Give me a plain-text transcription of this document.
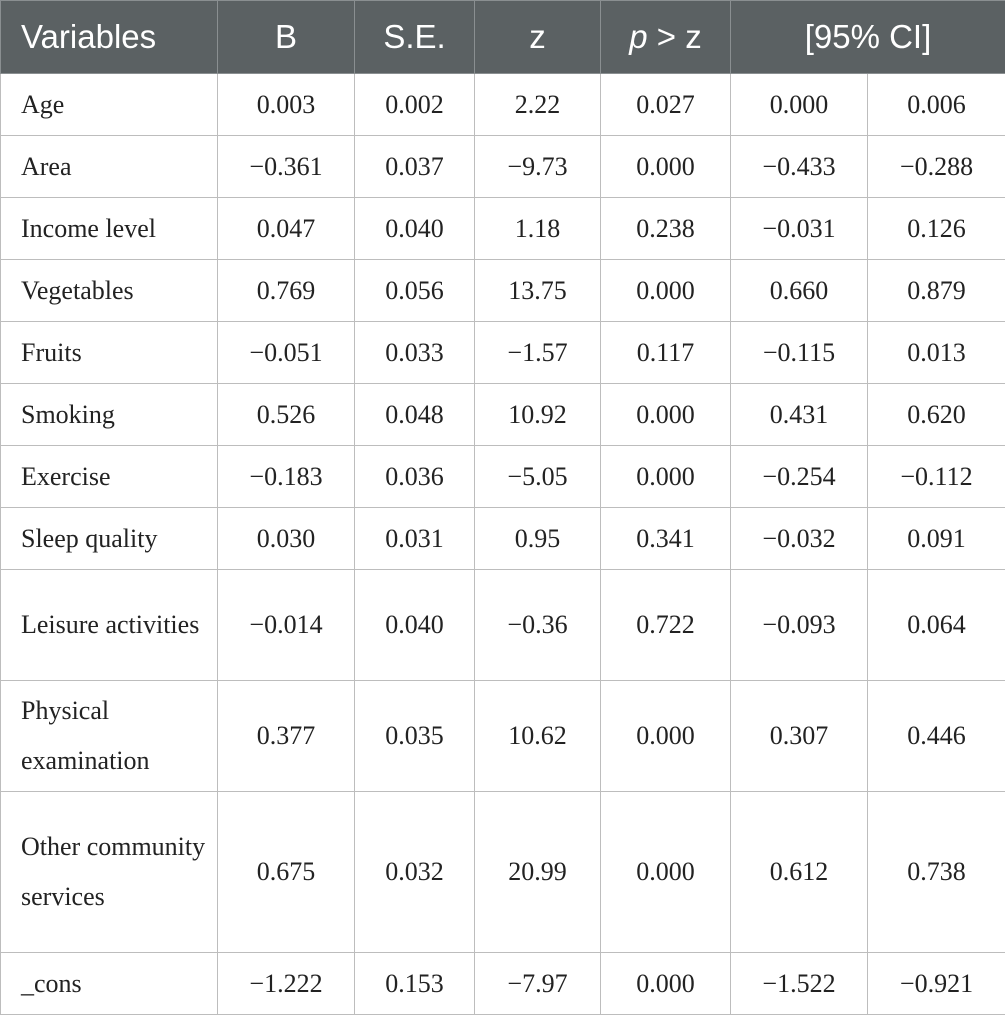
Variables	B	S.E.	z	p > z	[95% CI]	
Age	0.003	0.002	2.22	0.027	0.000	0.006
Area	−0.361	0.037	−9.73	0.000	−0.433	−0.288
Income level	0.047	0.040	1.18	0.238	−0.031	0.126
Vegetables	0.769	0.056	13.75	0.000	0.660	0.879
Fruits	−0.051	0.033	−1.57	0.117	−0.115	0.013
Smoking	0.526	0.048	10.92	0.000	0.431	0.620
Exercise	−0.183	0.036	−5.05	0.000	−0.254	−0.112
Sleep quality	0.030	0.031	0.95	0.341	−0.032	0.091
Leisure activities	−0.014	0.040	−0.36	0.722	−0.093	0.064
Physical examination	0.377	0.035	10.62	0.000	0.307	0.446
Other community services	0.675	0.032	20.99	0.000	0.612	0.738
_cons	−1.222	0.153	−7.97	0.000	−1.522	−0.921
